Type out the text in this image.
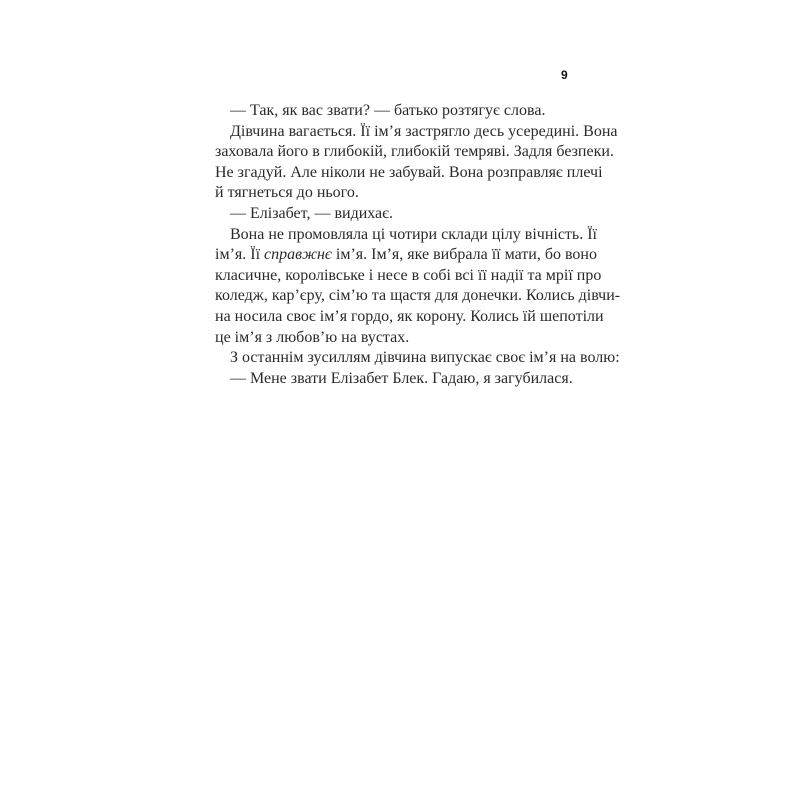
9
— Так, як вас звати? — батько розтягує слова.
Дівчина вагається. Її ім’я застрягло десь усередині. Вона
заховала його в глибокій, глибокій темряві. Задля безпеки.
Не згадуй. Але ніколи не забувай. Вона розправляє плечі
й тягнеться до нього.
— Елізабет, — видихає.
Вона не промовляла ці чотири склади цілу вічність. Її
ім’я. Її справжнє ім’я. Ім’я, яке вибрала її мати, бо воно
класичне, королівське і несе в собі всі її надії та мрії про
коледж, кар’єру, сім’ю та щастя для донечки. Колись дівчи-
на носила своє ім’я гордо, як корону. Колись їй шепотіли
це ім’я з любов’ю на вустах.
З останнім зусиллям дівчина випускає своє ім’я на волю:
— Мене звати Елізабет Блек. Гадаю, я загубилася.
